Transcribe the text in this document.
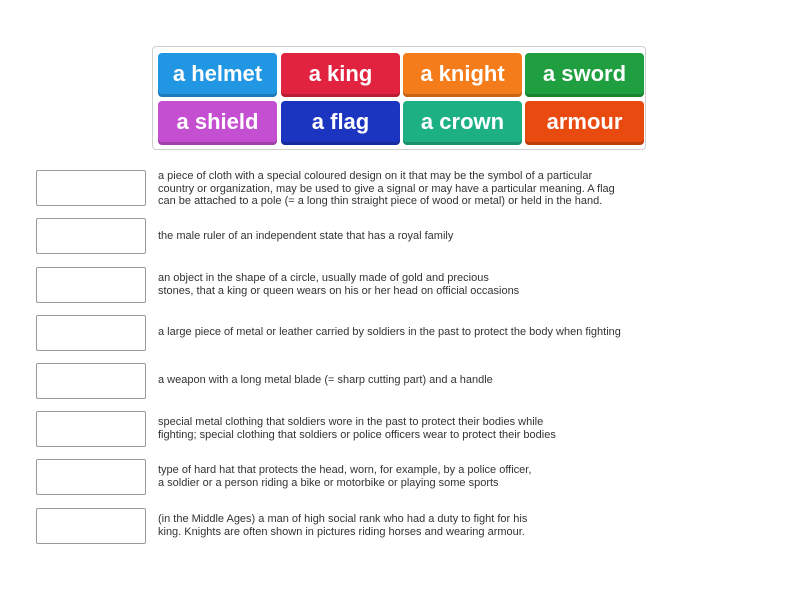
a helmet	a king	a knight	a sword
a shield	a flag	a crown	armour
a piece of cloth with a special coloured design on it that may be the symbol of a particular
country or organization, may be used to give a signal or may have a particular meaning. A flag
can be attached to a pole (= a long thin straight piece of wood or metal) or held in the hand.
the male ruler of an independent state that has a royal family
an object in the shape of a circle, usually made of gold and precious
stones, that a king or queen wears on his or her head on official occasions
a large piece of metal or leather carried by soldiers in the past to protect the body when fighting
a weapon with a long metal blade (= sharp cutting part) and a handle
special metal clothing that soldiers wore in the past to protect their bodies while
fighting; special clothing that soldiers or police officers wear to protect their bodies
type of hard hat that protects the head, worn, for example, by a police officer,
a soldier or a person riding a bike or motorbike or playing some sports
(in the Middle Ages) a man of high social rank who had a duty to fight for his
king. Knights are often shown in pictures riding horses and wearing armour.
